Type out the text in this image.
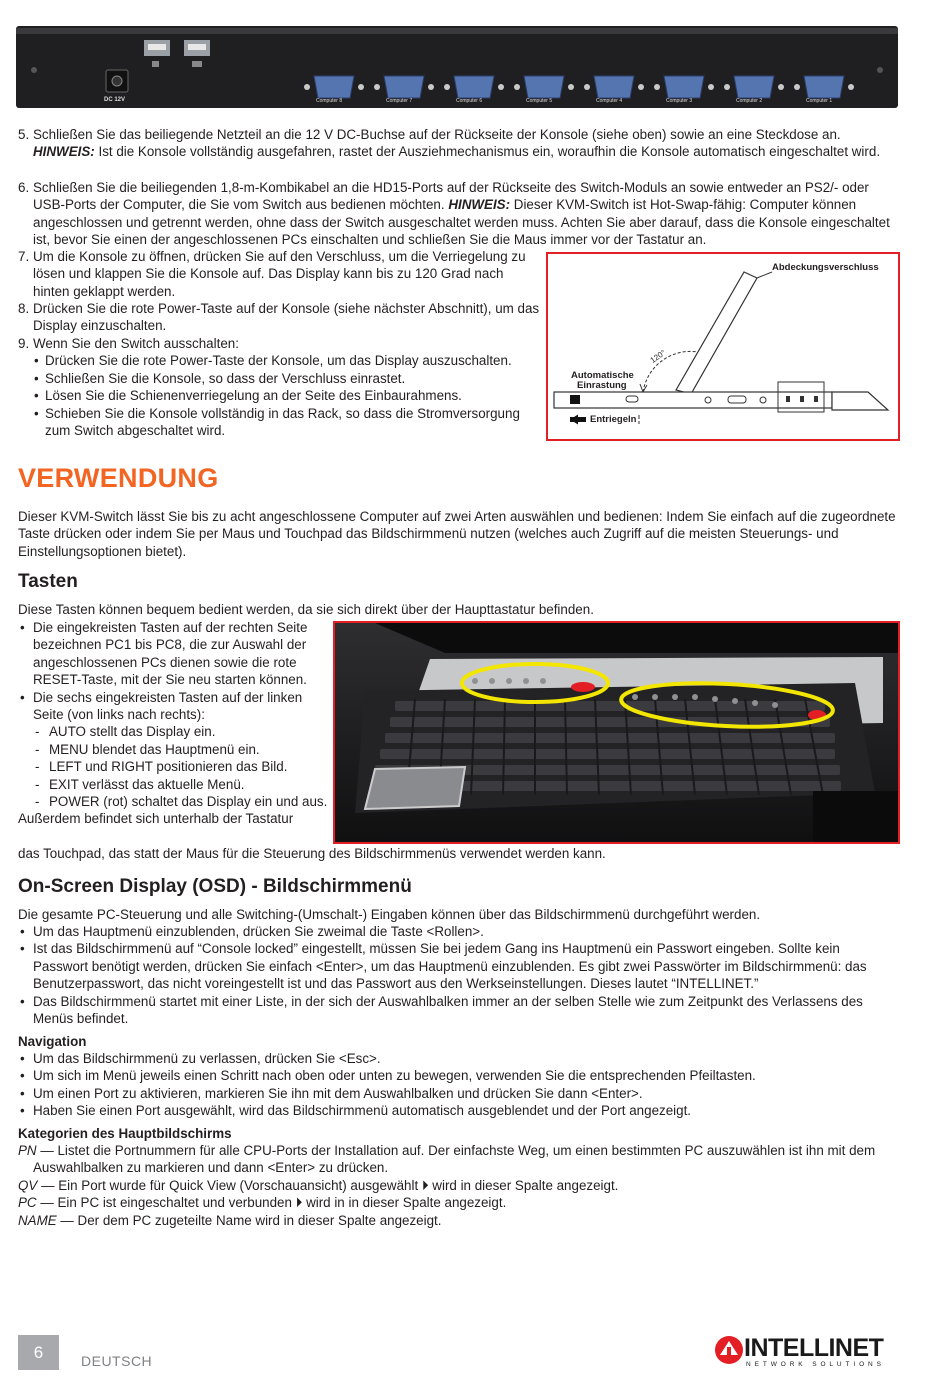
DC 12V	Computer 8	Computer 7	Computer 6	Computer 5	Computer 4	Computer 3	Computer 2	Computer 1
5. Schließen Sie das beiliegende Netzteil an die 12 V DC-Buchse auf der Rückseite der Konsole (siehe oben) sowie an eine Steckdose an. HINWEIS: Ist die Konsole vollständig ausgefahren, rastet der Ausziehmechanismus ein, woraufhin die Konsole automatisch eingeschaltet wird.

6. Schließen Sie die beiliegenden 1,8-m-Kombikabel an die HD15-Ports auf der Rückseite des Switch-Moduls an sowie entweder an PS2/- oder USB-Ports der Computer, die Sie vom Switch aus bedienen möchten. HINWEIS: Dieser KVM-Switch ist Hot-Swap-fähig: Computer können angeschlossen und getrennt werden, ohne dass der Switch ausgeschaltet werden muss. Achten Sie aber darauf, dass die Konsole eingeschaltet ist, bevor Sie einen der angeschlossenen PCs einschalten und schließen Sie die Maus immer vor der Tastatur an.

7. Um die Konsole zu öffnen, drücken Sie auf den Verschluss, um die Verriegelung zu lösen und klappen Sie die Konsole auf. Das Display kann bis zu 120 Grad nach hinten geklappt werden.

8. Drücken Sie die rote Power-Taste auf der Konsole (siehe nächster Abschnitt), um das Display einzuschalten.

9. Wenn Sie den Switch ausschalten:

• Drücken Sie die rote Power-Taste der Konsole, um das Display auszuschalten.

• Schließen Sie die Konsole, so dass der Verschluss einrastet.

• Lösen Sie die Schienenverriegelung an der Seite des Einbaurahmens.

• Schieben Sie die Konsole vollständig in das Rack, so dass die Stromversorgung zum Switch abgeschaltet wird.

Abdeckungsverschluss
120°
Automatische
Einrastung
Entriegeln
VERWENDUNG

Dieser KVM-Switch lässt Sie bis zu acht angeschlossene Computer auf zwei Arten auswählen und bedienen: Indem Sie einfach auf die zugeordnete Taste drücken oder indem Sie per Maus und Touchpad das Bildschirmmenü nutzen (welches auch Zugriff auf die meisten Steuerungs- und Einstellungsoptionen bietet).

Tasten

Diese Tasten können bequem bedient werden, da sie sich direkt über der Haupttastatur befinden.

• Die eingekreisten Tasten auf der rechten Seite bezeichnen PC1 bis PC8, die zur Auswahl der angeschlossenen PCs dienen sowie die rote RESET-Taste, mit der Sie neu starten können.

• Die sechs eingekreisten Tasten auf der linken Seite (von links nach rechts):

- AUTO stellt das Display ein.

- MENU blendet das Hauptmenü ein.

- LEFT und RIGHT positionieren das Bild.

- EXIT verlässt das aktuelle Menü.

- POWER (rot) schaltet das Display ein und aus.

Außerdem befindet sich unterhalb der Tastatur

das Touchpad, das statt der Maus für die Steuerung des Bildschirmmenüs verwendet werden kann.

On-Screen Display (OSD) - Bildschirmmenü

Die gesamte PC-Steuerung und alle Switching-(Umschalt-) Eingaben können über das Bildschirmmenü durchgeführt werden.

• Um das Hauptmenü einzublenden, drücken Sie zweimal die Taste <Rollen>.

• Ist das Bildschirmmenü auf “Console locked” eingestellt, müssen Sie bei jedem Gang ins Hauptmenü ein Passwort eingeben. Sollte kein Passwort benötigt werden, drücken Sie einfach <Enter>, um das Hauptmenü einzublenden. Es gibt zwei Passwörter im Bildschirmmenü: das Benutzerpasswort, das nicht voreingestellt ist und das Passwort aus den Werkseinstellungen. Dieses lautet “INTELLINET.”

• Das Bildschirmmenü startet mit einer Liste, in der sich der Auswahlbalken immer an der selben Stelle wie zum Zeitpunkt des Verlassens des Menüs befindet.

Navigation

• Um das Bildschirmmenü zu verlassen, drücken Sie <Esc>.

• Um sich im Menü jeweils einen Schritt nach oben oder unten zu bewegen, verwenden Sie die entsprechenden Pfeiltasten.

• Um einen Port zu aktivieren, markieren Sie ihn mit dem Auswahlbalken und drücken Sie dann <Enter>.

• Haben Sie einen Port ausgewählt, wird das Bildschirmmenü automatisch ausgeblendet und der Port angezeigt.

Kategorien des Hauptbildschirms

PN — Listet die Portnummern für alle CPU-Ports der Installation auf. Der einfachste Weg, um einen bestimmten PC auszuwählen ist ihn mit dem Auswahlbalken zu markieren und dann <Enter> zu drücken.

QV — Ein Port wurde für Quick View (Vorschauansicht) ausgewählt ⏵ wird in dieser Spalte angezeigt.

PC — Ein PC ist eingeschaltet und verbunden ⏵ wird in in dieser Spalte angezeigt.

NAME — Der dem PC zugeteilte Name wird in dieser Spalte angezeigt.

6	DEUTSCH	INTELLINET
NETWORK SOLUTIONS
